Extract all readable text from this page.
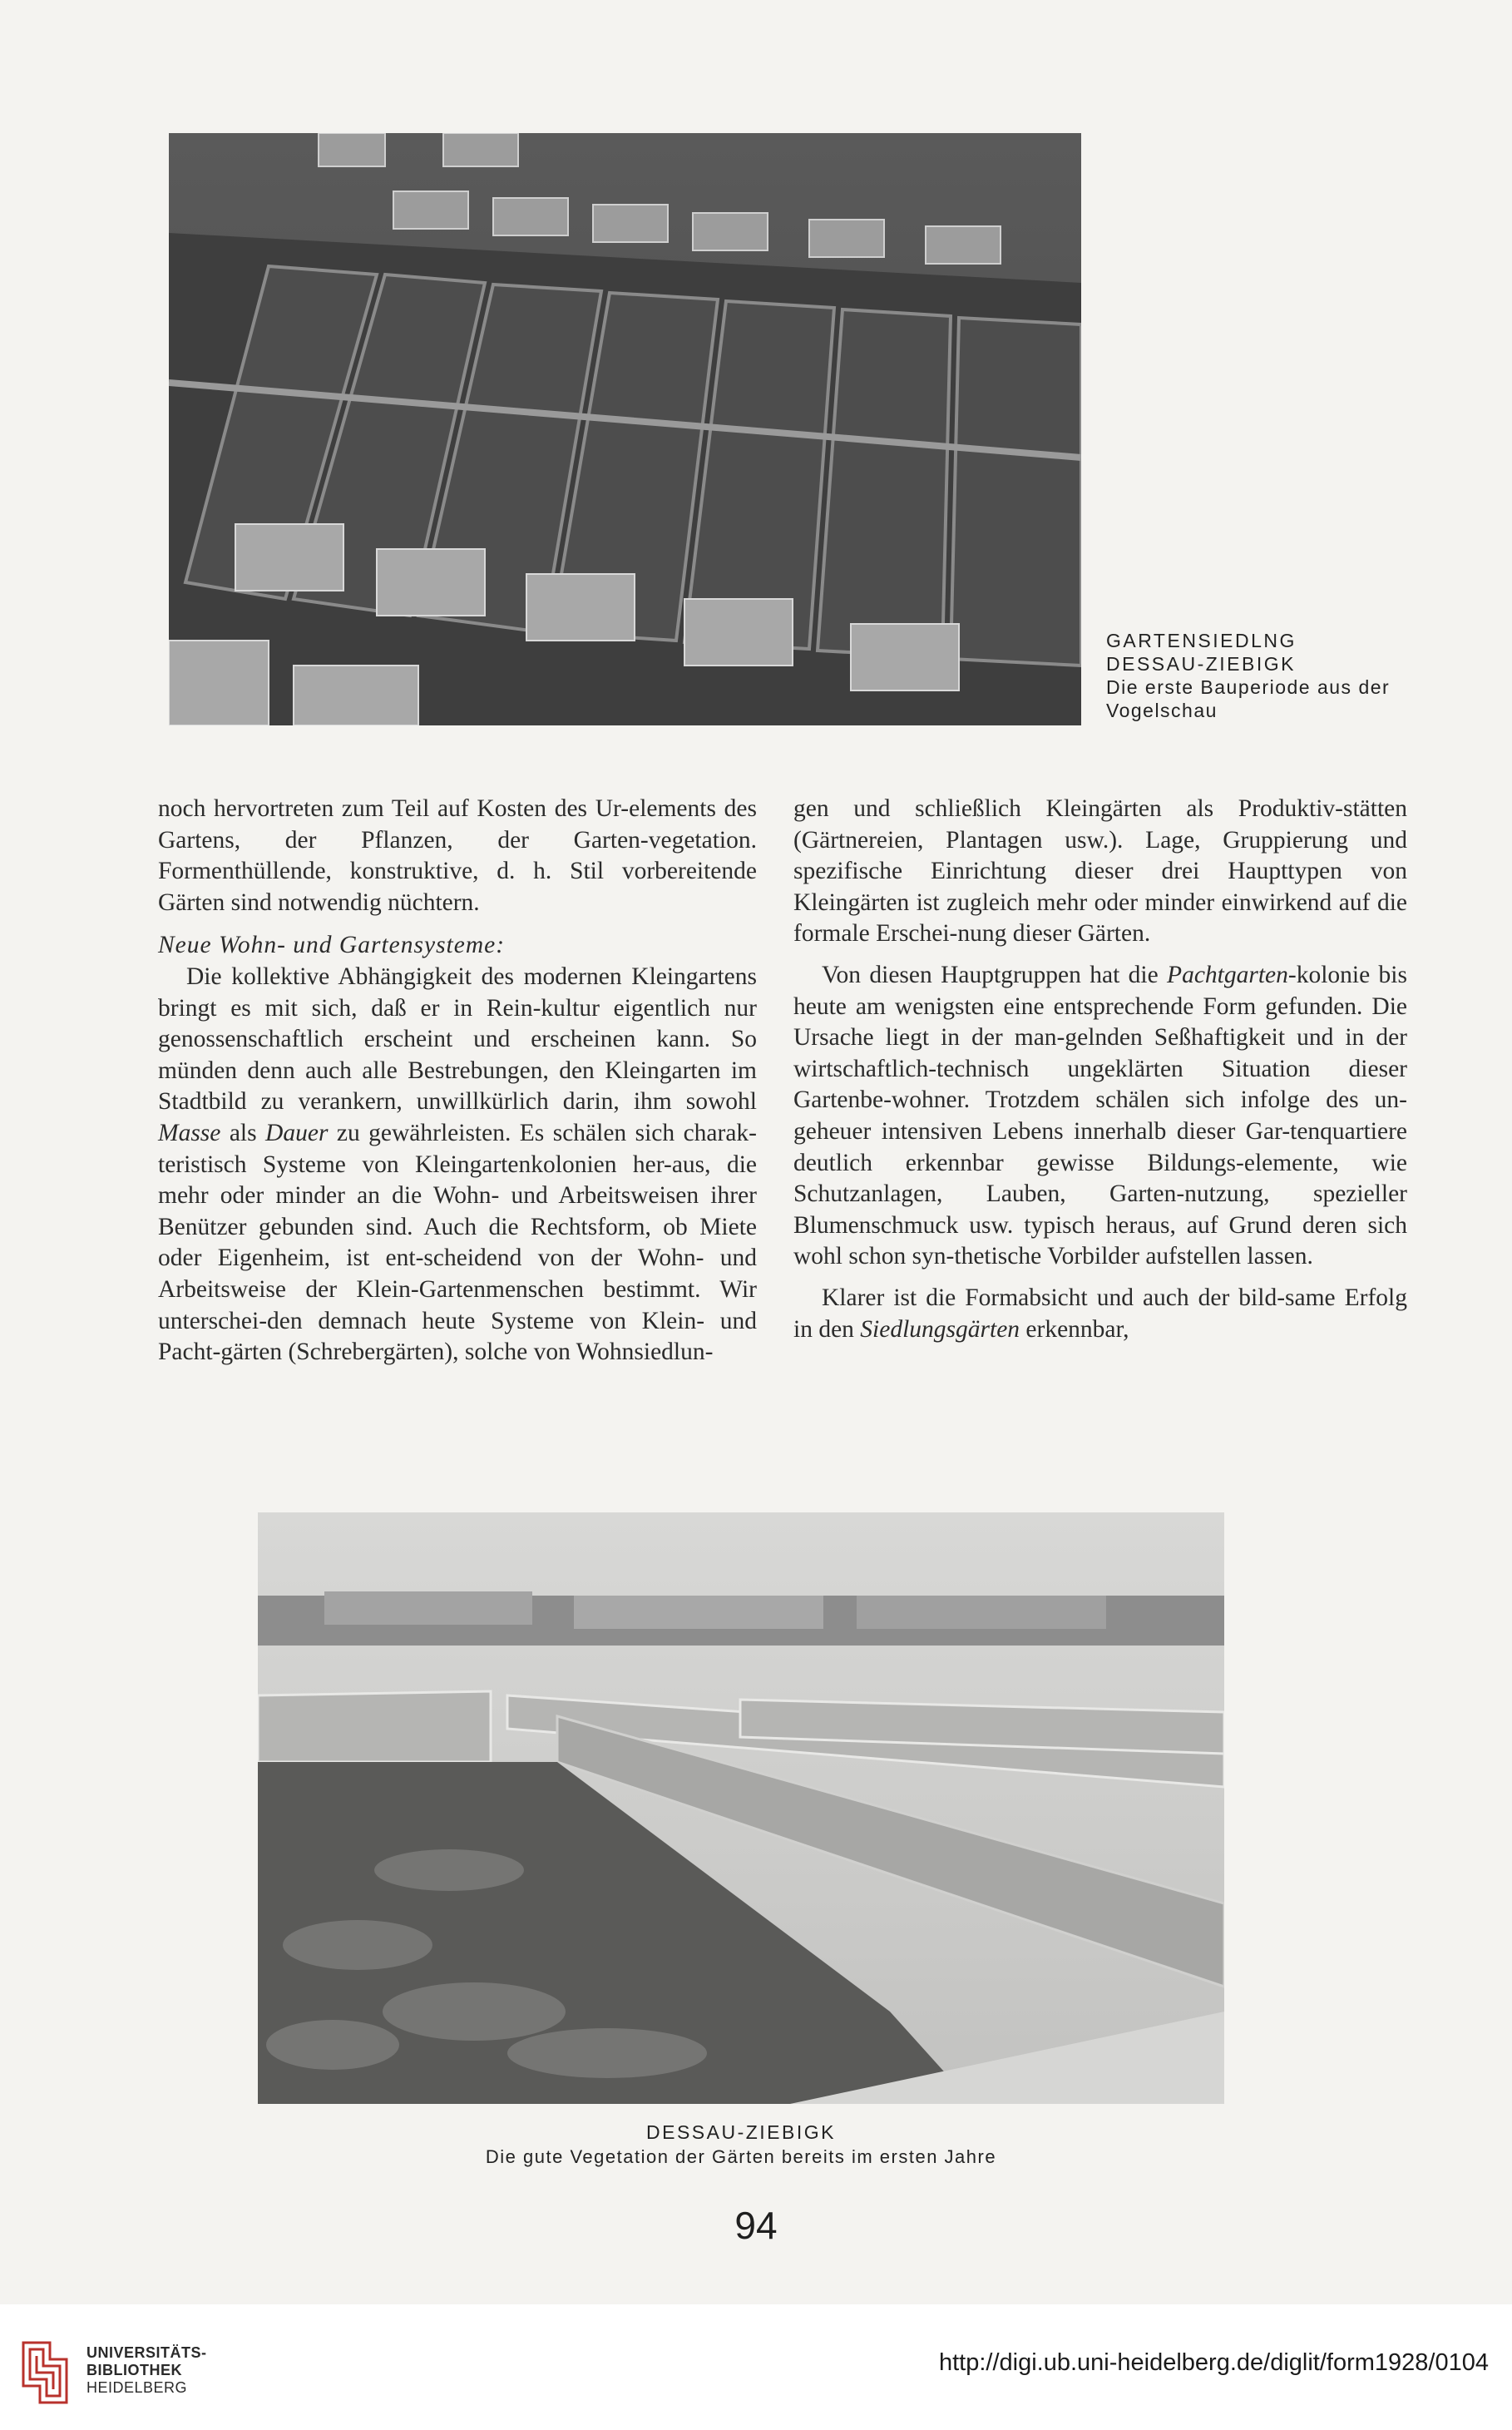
GARTENSIEDLNG
DESSAU-ZIEBIGK
Die erste Bauperiode aus der
Vogelschau

noch hervortreten zum Teil auf Kosten des Ur-elements des Gartens, der Pflanzen, der Garten-vegetation. Formenthüllende, konstruktive, d. h. Stil vorbereitende Gärten sind notwendig nüchtern.

Neue Wohn- und Gartensysteme:

Die kollektive Abhängigkeit des modernen Kleingartens bringt es mit sich, daß er in Rein-kultur eigentlich nur genossenschaftlich erscheint und erscheinen kann. So münden denn auch alle Bestrebungen, den Kleingarten im Stadtbild zu verankern, unwillkürlich darin, ihm sowohl Masse als Dauer zu gewährleisten. Es schälen sich charak-teristisch Systeme von Kleingartenkolonien her-aus, die mehr oder minder an die Wohn- und Arbeitsweisen ihrer Benützer gebunden sind. Auch die Rechtsform, ob Miete oder Eigenheim, ist ent-scheidend von der Wohn- und Arbeitsweise der Klein-Gartenmenschen bestimmt. Wir unterschei-den demnach heute Systeme von Klein- und Pacht-gärten (Schrebergärten), solche von Wohnsiedlun-

gen und schließlich Kleingärten als Produktiv-stätten (Gärtnereien, Plantagen usw.). Lage, Gruppierung und spezifische Einrichtung dieser drei Haupttypen von Kleingärten ist zugleich mehr oder minder einwirkend auf die formale Erschei-nung dieser Gärten.

Von diesen Hauptgruppen hat die Pachtgarten-kolonie bis heute am wenigsten eine entsprechende Form gefunden. Die Ursache liegt in der man-gelnden Seßhaftigkeit und in der wirtschaftlich-technisch ungeklärten Situation dieser Gartenbe-wohner. Trotzdem schälen sich infolge des un-geheuer intensiven Lebens innerhalb dieser Gar-tenquartiere deutlich erkennbar gewisse Bildungs-elemente, wie Schutzanlagen, Lauben, Garten-nutzung, spezieller Blumenschmuck usw. typisch heraus, auf Grund deren sich wohl schon syn-thetische Vorbilder aufstellen lassen.

Klarer ist die Formabsicht und auch der bild-same Erfolg in den Siedlungsgärten erkennbar,

DESSAU-ZIEBIGK
Die gute Vegetation der Gärten bereits im ersten Jahre
94
UNIVERSITÄTS-
BIBLIOTHEK
HEIDELBERG
http://digi.ub.uni-heidelberg.de/diglit/form1928/0104
